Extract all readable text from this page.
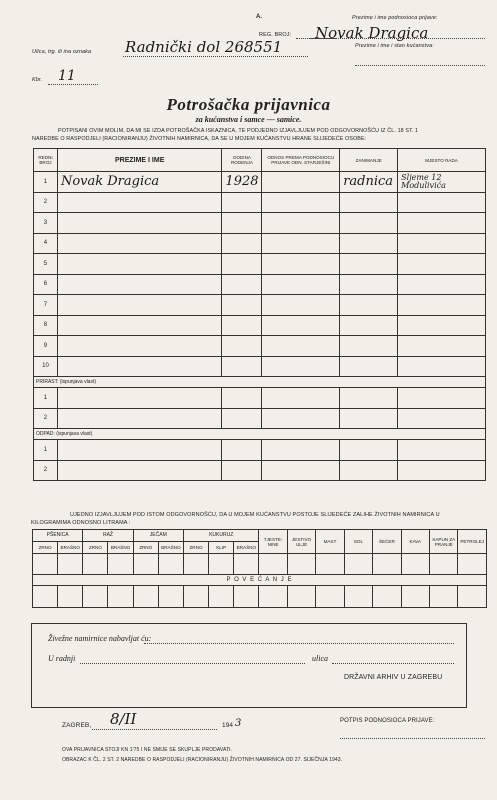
A.	Prezime i ime podnosioca prijave:
REG. BROJ: Novak Dragica
Prezime i ime i stan kućanstva:
Ulica, trg. ili ina oznaka Radnički dol 268551
Kbr. 11
Potrošačka prijavnica
za kućanstva i samce — samice.
POTPISANI OVIM MOLIM, DA MI SE IZDA POTROŠAČKA ISKAZNICA, TE PODJEDNO IZJAVLJUJEM POD ODGOVORNOŠĆU IZ ČL. 18 ST. 1
NAREDBE O RASPODJELI (RACIONIRANJU) ŽIVOTNIH NAMIRNICA, DA SE U MOJEM KUĆANSTVU HRANE SLIJEDEĆE OSOBE:
REDNI BROJ	PREZIME I IME	GODINA RODENJA	ODNOS PREMA PODNOSIOCU PRIJAVE ODN. STARJEŠINI	ZANIMANJE	MJESTO RADA
1	Novak Dragica	1928		radnica	Sljeme 12 Modulivića
2					
3					
4					
5					
6					
7					
8					
9					
10					
PRIRAST: (ispunjava vlast)					
1					
2					
ODPAD: (ispunjava vlast)					
1					
2					
UJEDNO IZJAVLJUJEM POD ISTOM ODGOVORNOŠĆU, DA U MOJEM KUĆANSTVU POSTOJE SLIJEDEĆE ZALIHE ŽIVOTNIH NAMIRNICA U
KILOGRAMIMA ODNOSNO LITRAMA :
PŠENICA		RAŽ		JEČAM		KUKURUZ			TJESTE-NINE	JESTIVO ULJE	MAST	SOL	ŠEĆER	KAVA	SAPUN ZA PRANJE	PETROLEJ
ZRNO	BRAŠNO	ZRNO	BRAŠNO	ZRNO	BRAŠNO	ZRNO	KLIP	BRAŠNO								

P O V E Ć A N J E																

Živežne namirnice nabavljat ću:
U radnji	ulica
DRŽAVNI ARHIV U ZAGREBU
ZAGREB, 8/II	194 3	POTPIS PODNOSIOCA PRIJAVE:
OVA PRIJAVNICA STOJI KN 1'75 I NE SMIJE SE SKUPLJE PRODAVATI.
OBRAZAC K ČL. 2 ST. 2 NAREDBE O RASPODJELI (RACIONIRANJU) ŽIVOTNIH NAMIRNICA OD 27. SIJEČNJA 1943.
